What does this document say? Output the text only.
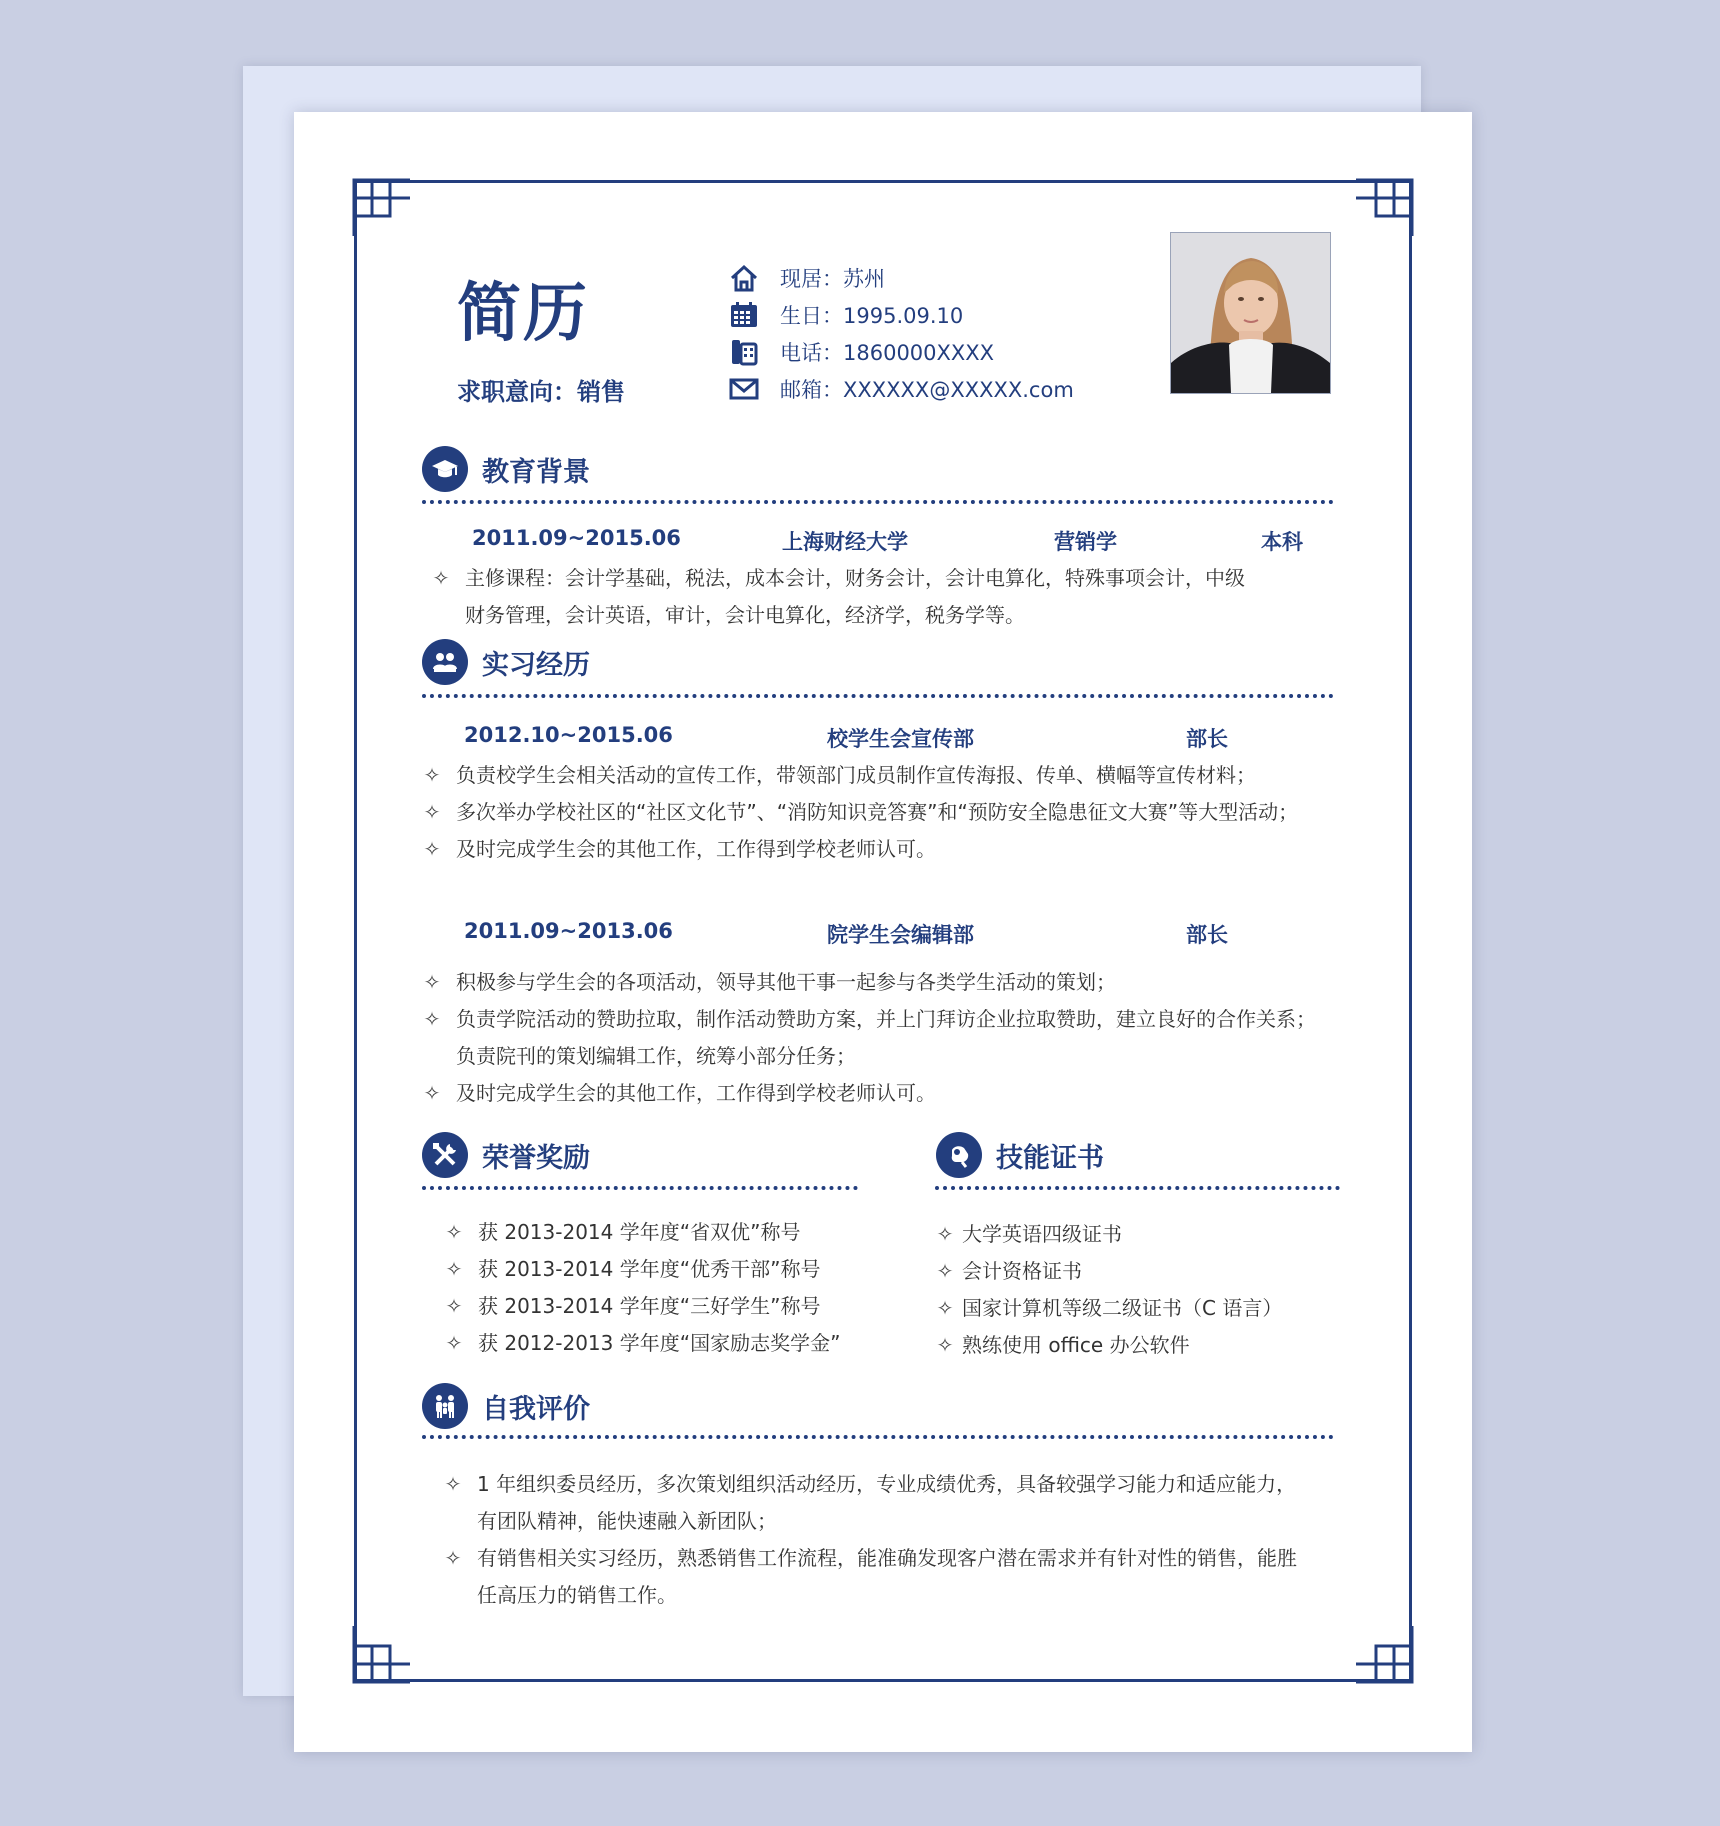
简历
求职意向：销售
现居：苏州
生日：1995.09.10
电话：1860000XXXX
邮箱：XXXXXX@XXXXX.com
教育背景
2011.09~2015.06	上海财经大学	营销学	本科
✧ 主修课程：会计学基础，税法，成本会计，财务会计，会计电算化，特殊事项会计，中级
财务管理，会计英语，审计，会计电算化，经济学，税务学等。
实习经历
2012.10~2015.06	校学生会宣传部	部长
✧ 负责校学生会相关活动的宣传工作，带领部门成员制作宣传海报、传单、横幅等宣传材料；
✧ 多次举办学校社区的“社区文化节”、“消防知识竞答赛”和“预防安全隐患征文大赛”等大型活动；
✧ 及时完成学生会的其他工作，工作得到学校老师认可。
2011.09~2013.06	院学生会编辑部	部长
✧ 积极参与学生会的各项活动，领导其他干事一起参与各类学生活动的策划；
✧ 负责学院活动的赞助拉取，制作活动赞助方案，并上门拜访企业拉取赞助，建立良好的合作关系；负责院刊的策划编辑工作，统筹小部分任务；
✧ 及时完成学生会的其他工作，工作得到学校老师认可。
荣誉奖励
✧ 获 2013-2014 学年度“省双优”称号
✧ 获 2013-2014 学年度“优秀干部”称号
✧ 获 2013-2014 学年度“三好学生”称号
✧ 获 2012-2013 学年度“国家励志奖学金”
技能证书
✧ 大学英语四级证书
✧ 会计资格证书
✧ 国家计算机等级二级证书（C 语言）
✧ 熟练使用 office 办公软件
自我评价
✧ 1 年组织委员经历，多次策划组织活动经历，专业成绩优秀，具备较强学习能力和适应能力，有团队精神，能快速融入新团队；
✧ 有销售相关实习经历，熟悉销售工作流程，能准确发现客户潜在需求并有针对性的销售，能胜任高压力的销售工作。
